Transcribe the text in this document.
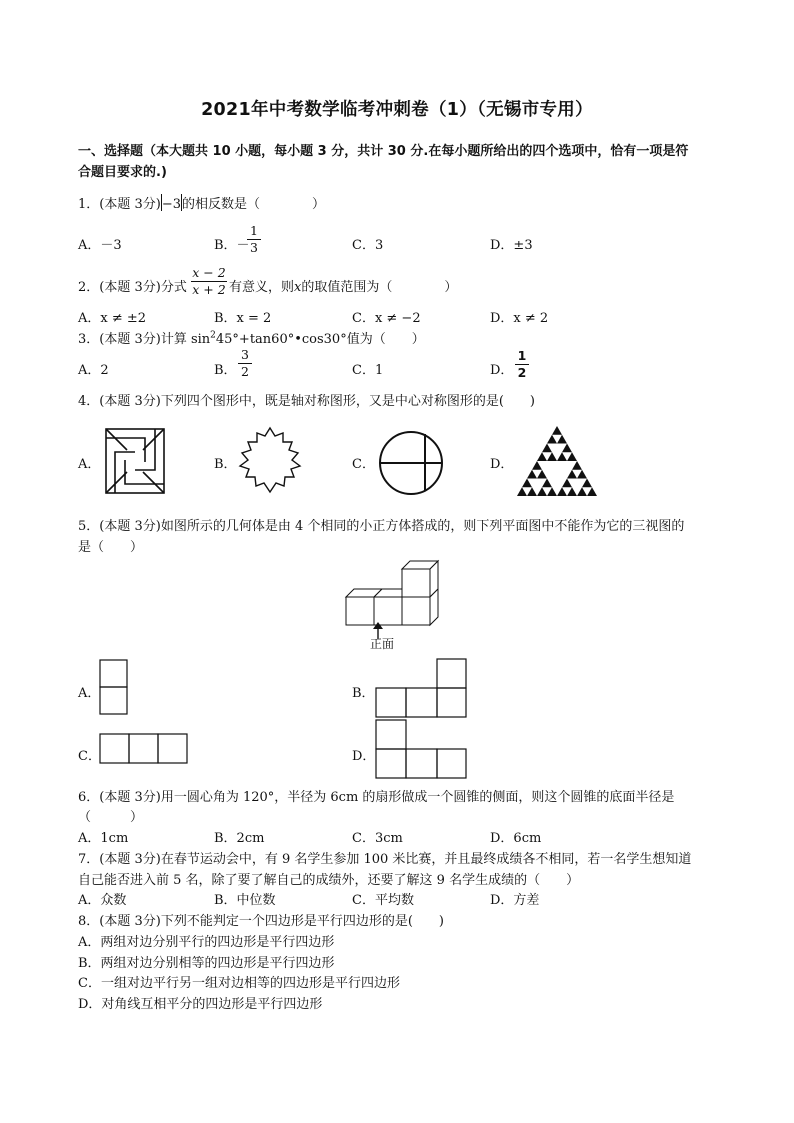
2021年中考数学临考冲刺卷（1）（无锡市专用）
一、选择题（本大题共 10 小题，每小题 3 分，共计 30 分.在每小题所给出的四个选项中，恰有一项是符
合题目要求的.)
1．(本题 3分)−3的相反数是（　　　　）
A．－3	B．－
1
3	C．3	D．±3
2．(本题 3分)分式
x − 2
x + 2 有意义，则x的取值范围为（　　　　）
A．x ≠ ±2	B．x = 2	C．x ≠ −2	D．x ≠ 2
3．(本题 3分)计算 $\sin^245^\circ+\tan 60^\circ•\cos 30^\circ$值为（　　）
A．2	B．
3
2	C．1	D．
1
2
4．(本题 3分)下列四个图形中，既是轴对称图形，又是中心对称图形的是(　　)
A．	B．	C．	D．
5．(本题 3分)如图所示的几何体是由 4 个相同的小正方体搭成的，则下列平面图中不能作为它的三视图的
是（　　）
正面
A．	B．
C．	D．
6．(本题 3分)用一圆心角为 120°，半径为 6cm 的扇形做成一个圆锥的侧面，则这个圆锥的底面半径是
（　　　）
A．1cm	B．2cm	C．3cm	D．6cm
7．(本题 3分)在春节运动会中，有 9 名学生参加 100 米比赛，并且最终成绩各不相同，若一名学生想知道
自己能否进入前 5 名，除了要了解自己的成绩外，还要了解这 9 名学生成绩的（　　）
A．众数	B．中位数	C．平均数	D．方差
8．(本题 3分)下列不能判定一个四边形是平行四边形的是(　　)
A．两组对边分别平行的四边形是平行四边形
B．两组对边分别相等的四边形是平行四边形
C．一组对边平行另一组对边相等的四边形是平行四边形
D．对角线互相平分的四边形是平行四边形
